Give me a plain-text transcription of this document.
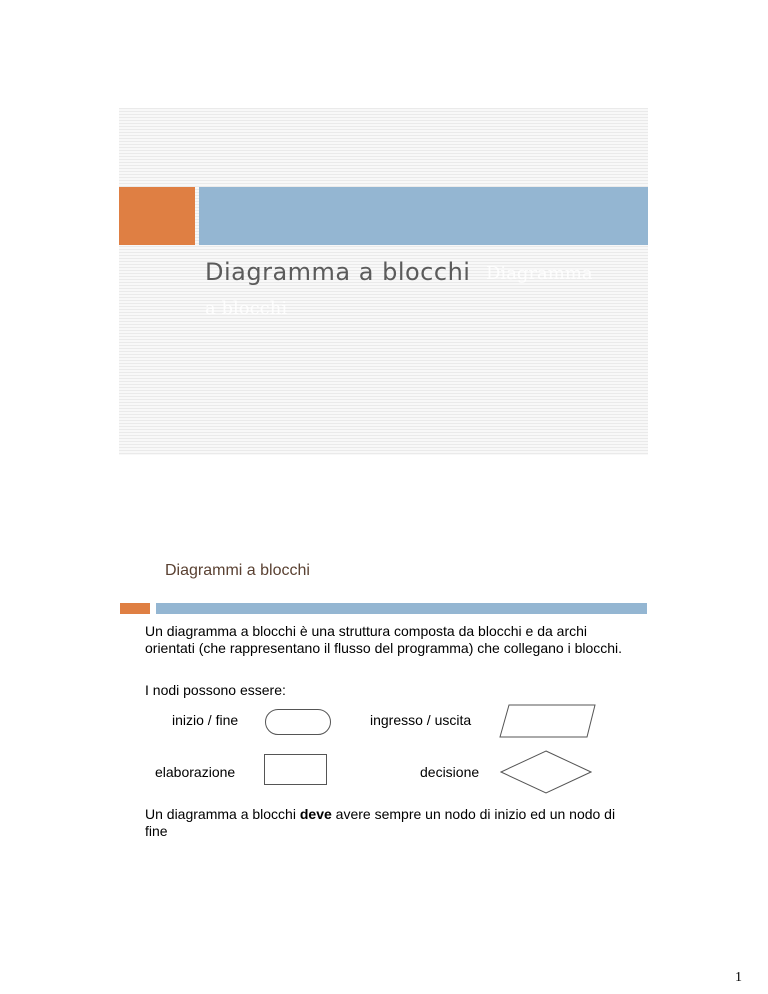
Diagramma a blocchi Diagramma

a blocchi

Diagrammi a blocchi

Un diagramma a blocchi è una struttura composta da blocchi e da archi orientati (che rappresentano il flusso del programma) che collegano i blocchi.

I nodi possono essere:

inizio / fine	ingresso / uscita

elaborazione	decisione

Un diagramma a blocchi deve avere sempre un nodo di inizio ed un nodo di fine

1
